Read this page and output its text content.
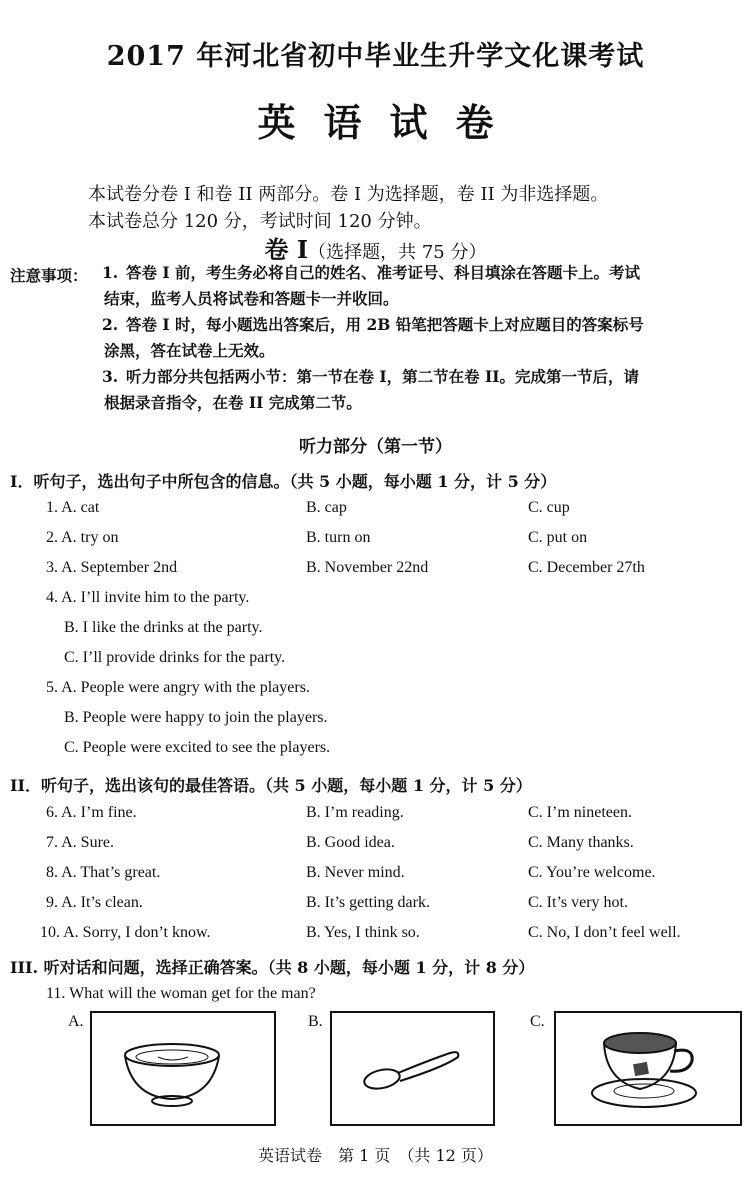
2017 年河北省初中毕业生升学文化课考试
英语试卷
本试卷分卷 I 和卷 II 两部分。卷 I 为选择题，卷 II 为非选择题。
本试卷总分 120 分，考试时间 120 分钟。
卷 I（选择题，共 75 分）
注意事项： 1. 答卷 I 前，考生务必将自己的姓名、准考证号、科目填涂在答题卡上。考试
结束，监考人员将试卷和答题卡一并收回。
2. 答卷 I 时，每小题选出答案后，用 2B 铅笔把答题卡上对应题目的答案标号
涂黑，答在试卷上无效。
3. 听力部分共包括两小节：第一节在卷 I，第二节在卷 II。完成第一节后，请
根据录音指令，在卷 II 完成第二节。
听力部分（第一节）
I．听句子，选出句子中所包含的信息。（共 5 小题，每小题 1 分，计 5 分）
1. A. cat	B. cap	C. cup
2. A. try on	B. turn on	C. put on
3. A. September 2nd	B. November 22nd	C. December 27th
4. A. I’ll invite him to the party.
B. I like the drinks at the party.
C. I’ll provide drinks for the party.
5. A. People were angry with the players.
B. People were happy to join the players.
C. People were excited to see the players.
II．听句子，选出该句的最佳答语。（共 5 小题，每小题 1 分，计 5 分）
6. A. I’m fine.	B. I’m reading.	C. I’m nineteen.
7. A. Sure.	B. Good idea.	C. Many thanks.
8. A. That’s great.	B. Never mind.	C. You’re welcome.
9. A. It’s clean.	B. It’s getting dark.	C. It’s very hot.
10. A. Sorry, I don’t know.	B. Yes, I think so.	C. No, I don’t feel well.
III. 听对话和问题，选择正确答案。（共 8 小题，每小题 1 分，计 8 分）
11. What will the woman get for the man?
A.	B.	C.
英语试卷　第 1 页　（共 12 页）
